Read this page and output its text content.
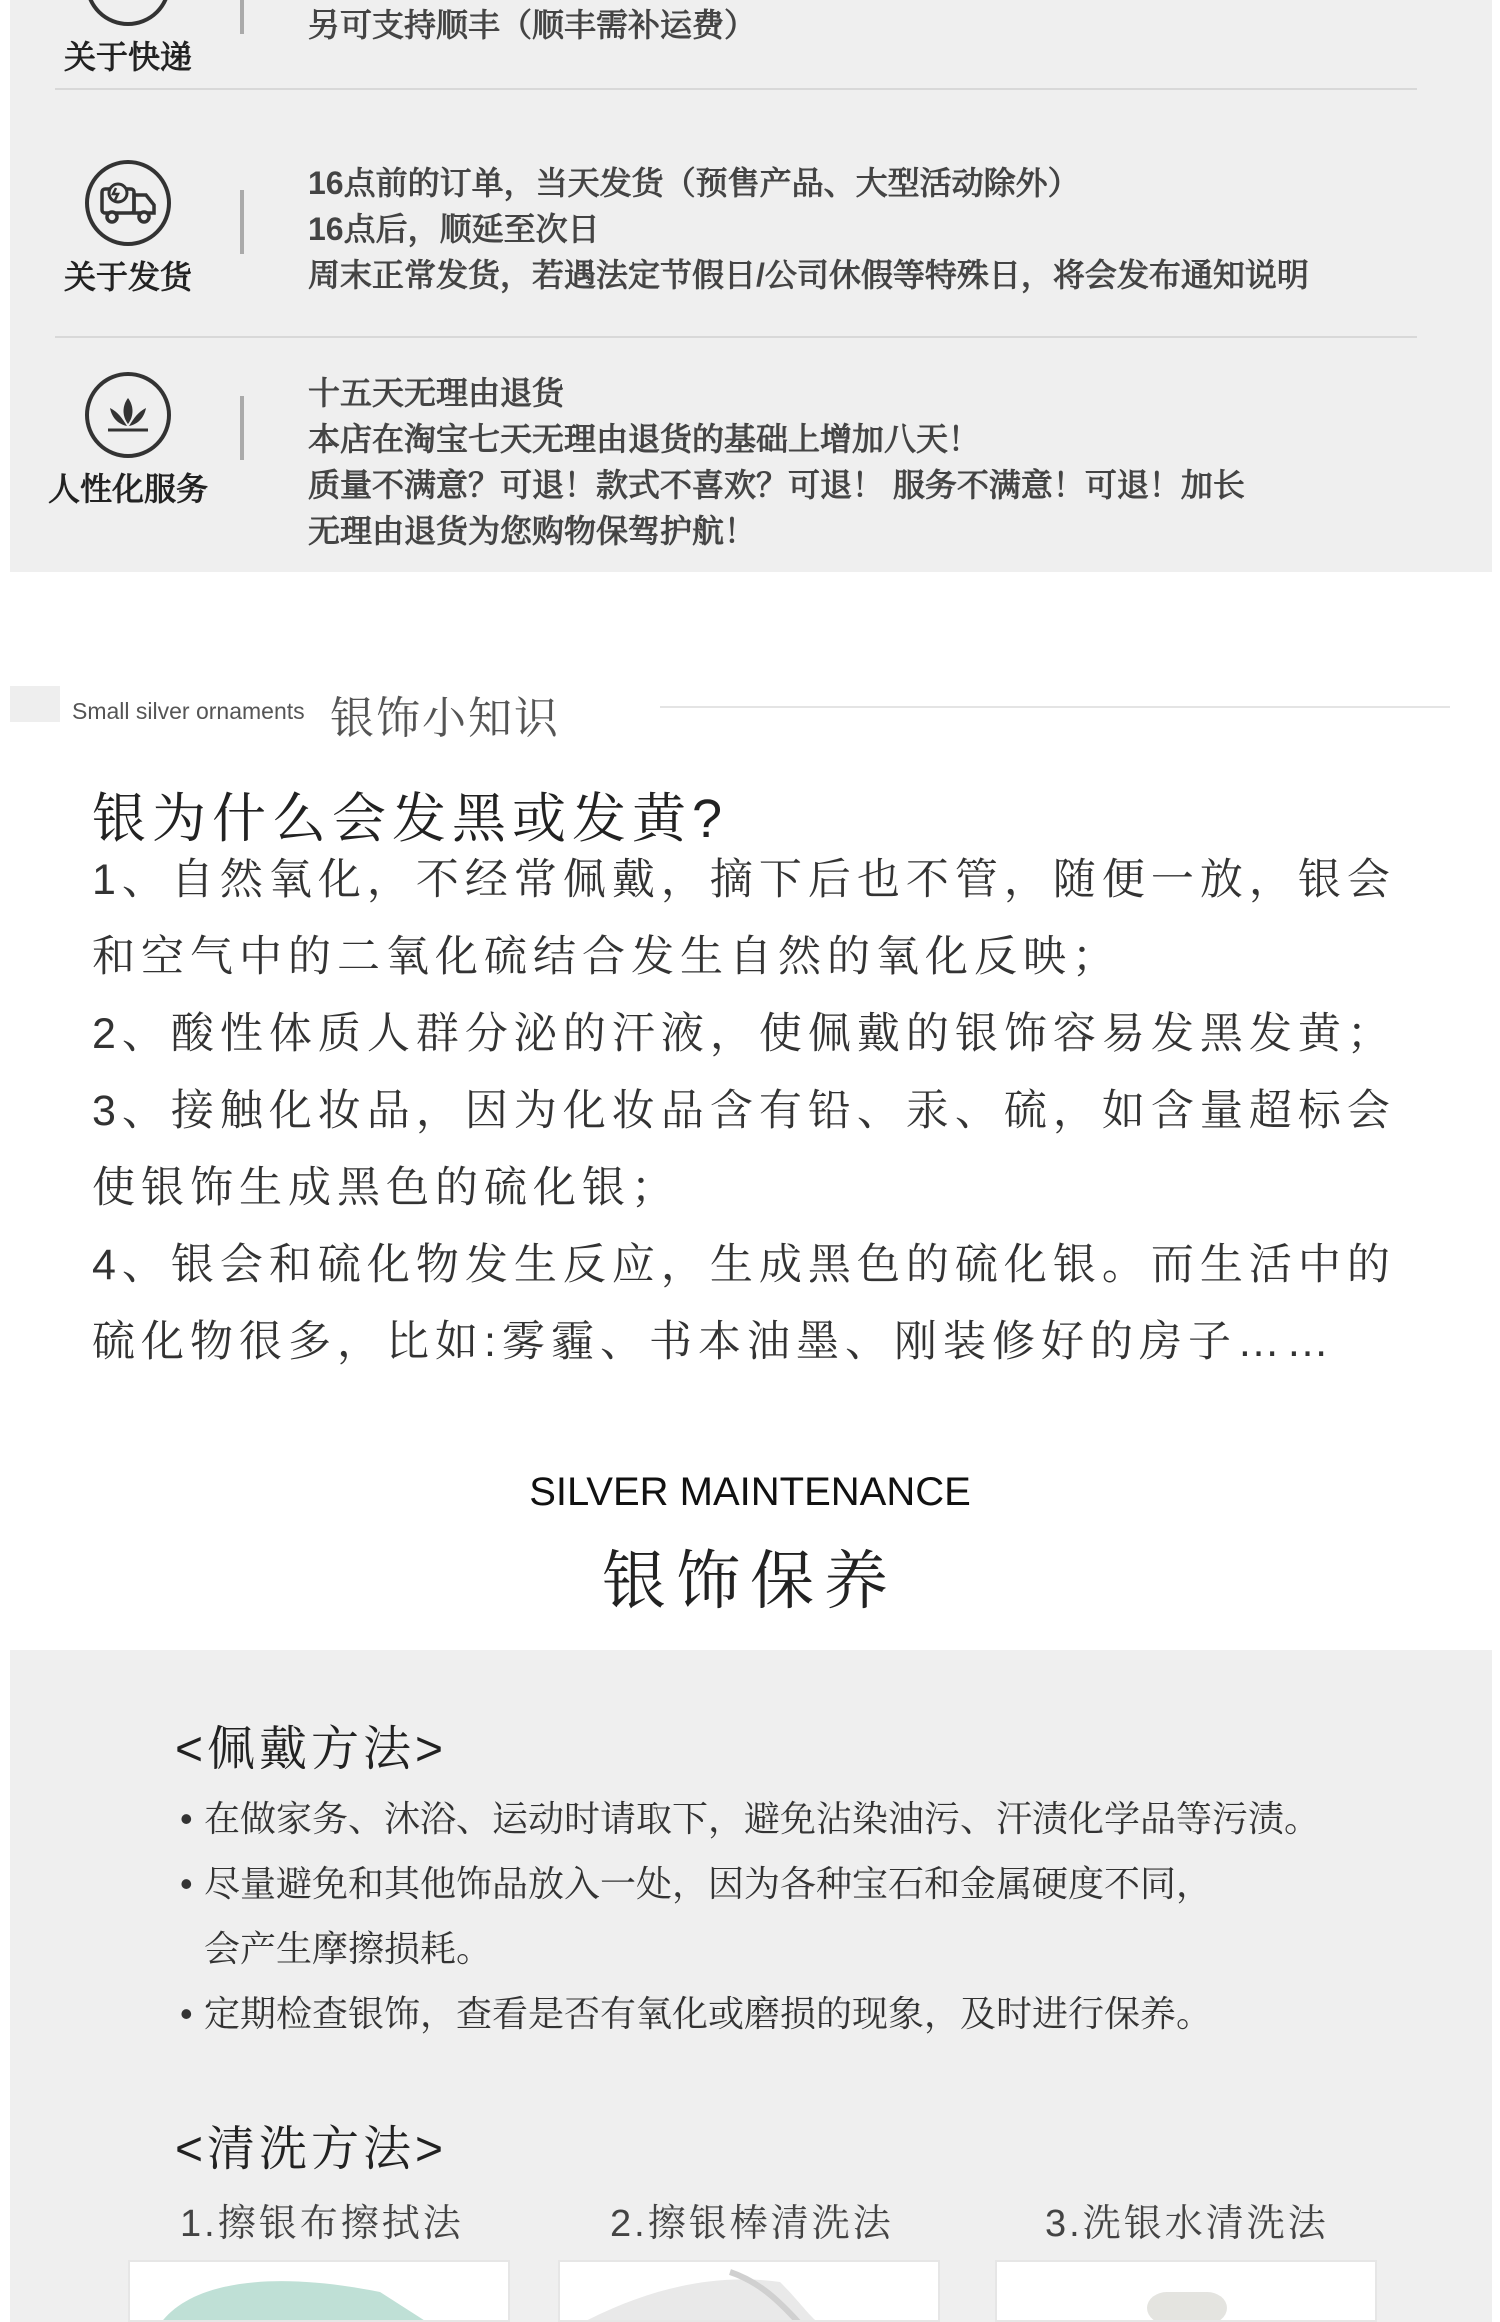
关于快递
另可支持顺丰（顺丰需补运费）
关于发货
16点前的订单，当天发货（预售产品、大型活动除外）
16点后，顺延至次日
周末正常发货，若遇法定节假日/公司休假等特殊日，将会发布通知说明
人性化服务
十五天无理由退货
本店在淘宝七天无理由退货的基础上增加八天！
质量不满意？可退！款式不喜欢？可退！ 服务不满意！可退！加长
无理由退货为您购物保驾护航！
Small silver ornaments 银饰小知识
银为什么会发黑或发黄?

1、自然氧化，不经常佩戴，摘下后也不管，随便一放，银会

和空气中的二氧化硫结合发生自然的氧化反映；

2、酸性体质人群分泌的汗液，使佩戴的银饰容易发黑发黄；

3、接触化妆品，因为化妆品含有铅、汞、硫，如含量超标会

使银饰生成黑色的硫化银；

4、银会和硫化物发生反应，生成黑色的硫化银。而生活中的

硫化物很多，比如:雾霾、书本油墨、刚装修好的房子……

SILVER MAINTENANCE
银饰保养
<佩戴方法>
• 在做家务、沐浴、运动时请取下，避免沾染油污、汗渍化学品等污渍。
• 尽量避免和其他饰品放入一处，因为各种宝石和金属硬度不同，
会产生摩擦损耗。
• 定期检查银饰，查看是否有氧化或磨损的现象，及时进行保养。
<清洗方法>
1.擦银布擦拭法	2.擦银棒清洗法	3.洗银水清洗法
